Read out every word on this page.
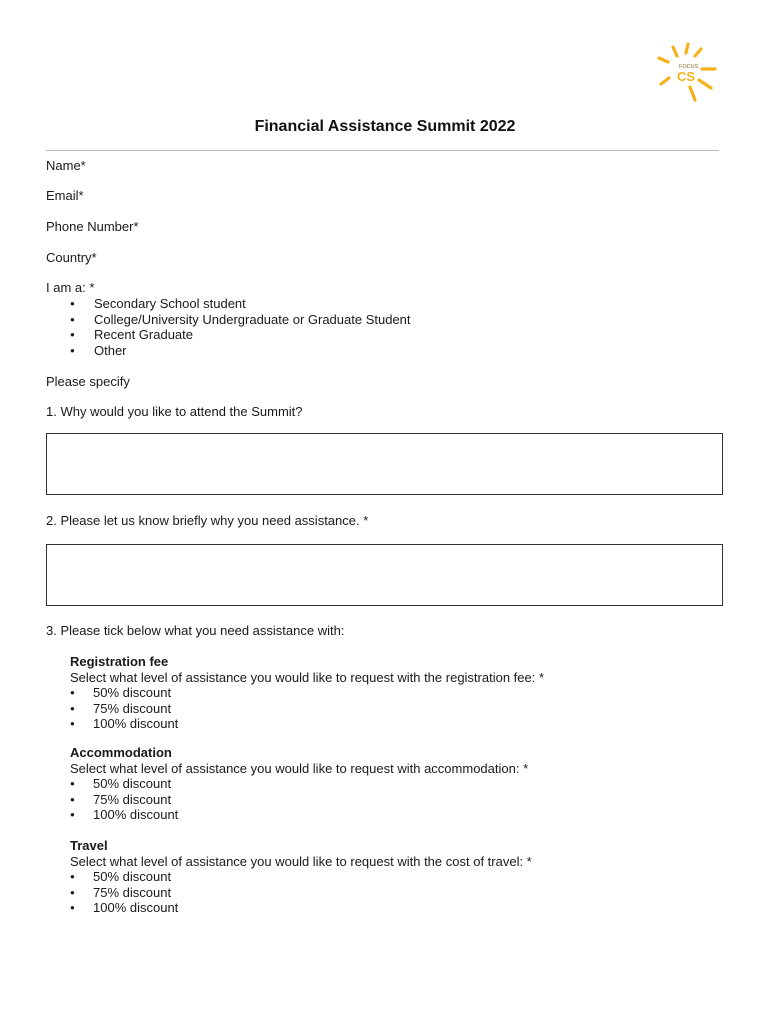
FOCUS
CS
Financial Assistance Summit 2022
Name*
Email*
Phone Number*
Country*
I am a: *
● Secondary School student
● College/University Undergraduate or Graduate Student
● Recent Graduate
● Other
Please specify
1. Why would you like to attend the Summit?
2. Please let us know briefly why you need assistance. *
3. Please tick below what you need assistance with:
Registration fee
Select what level of assistance you would like to request with the registration fee: *
● 50% discount
● 75% discount
● 100% discount
Accommodation
Select what level of assistance you would like to request with accommodation: *
● 50% discount
● 75% discount
● 100% discount
Travel
Select what level of assistance you would like to request with the cost of travel: *
● 50% discount
● 75% discount
● 100% discount
